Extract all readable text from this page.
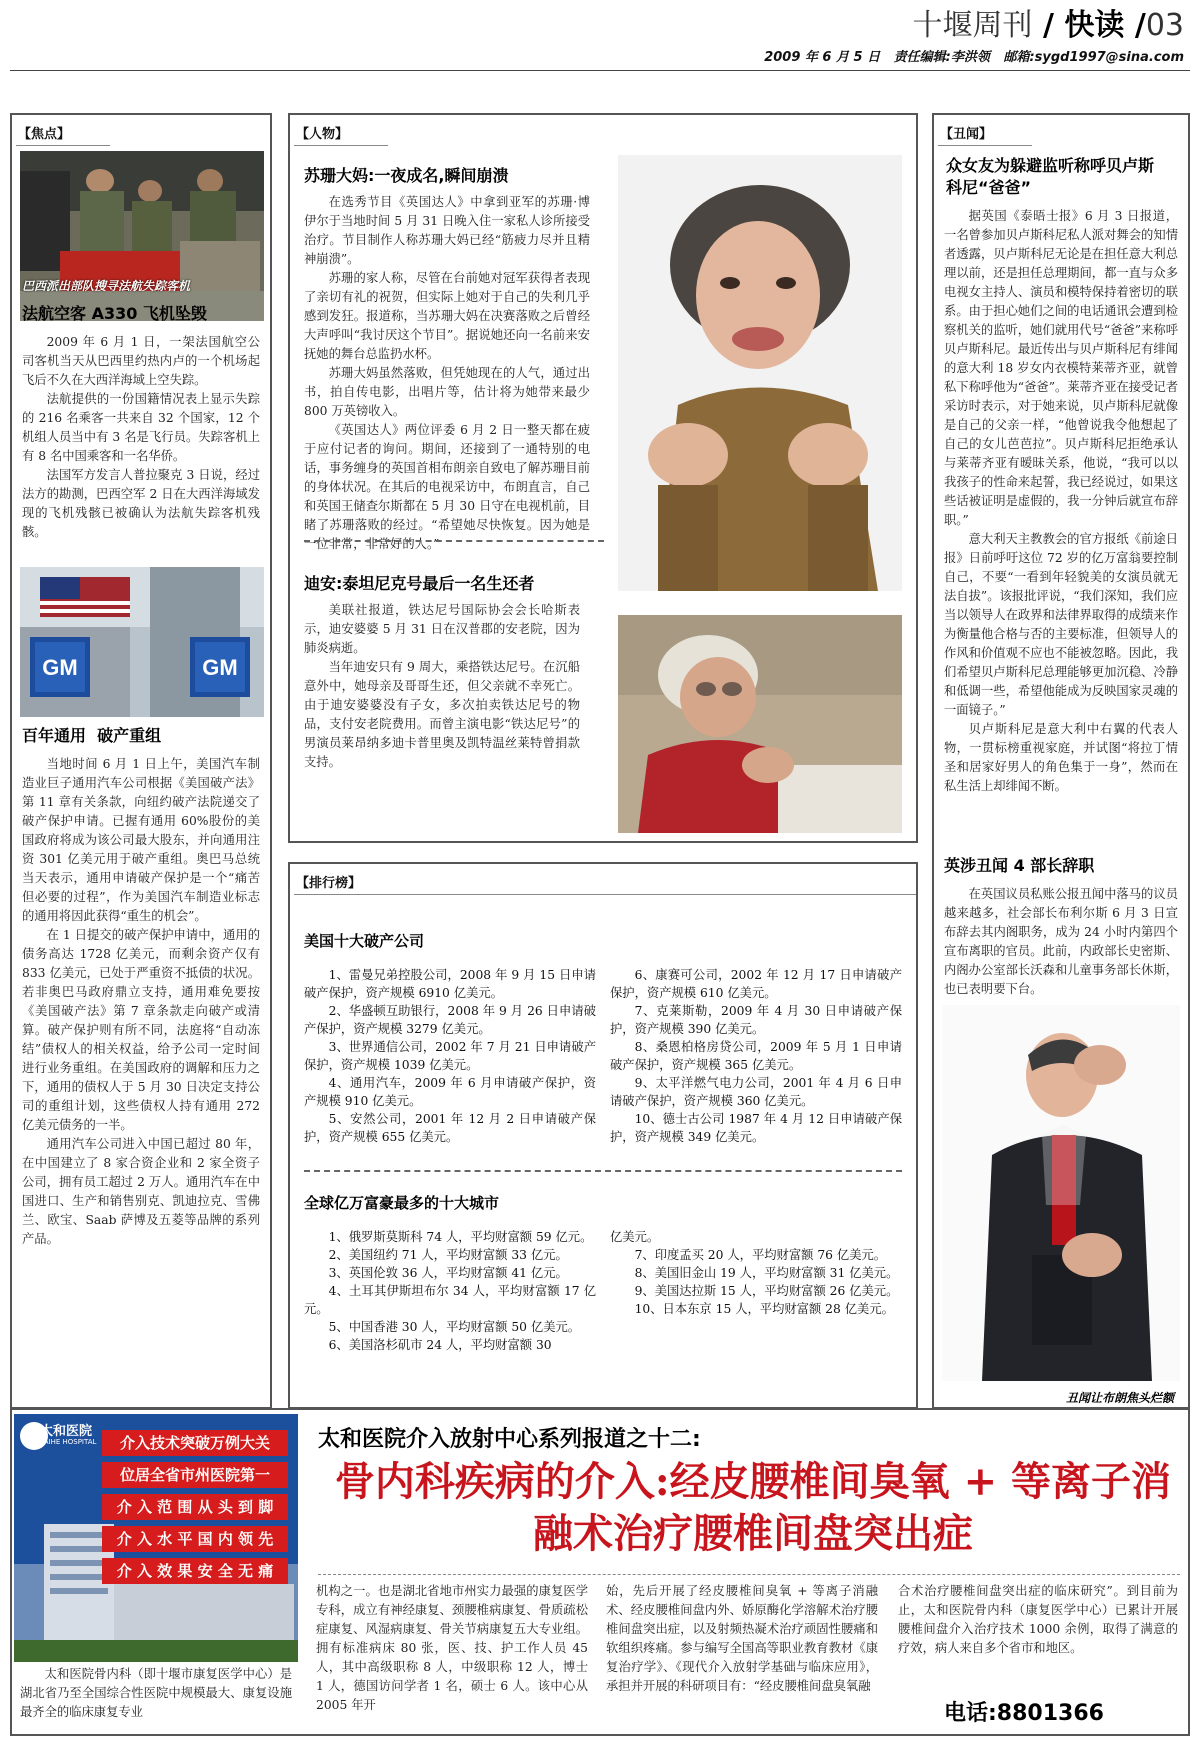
十堰周刊 / 快读 /03
2009 年 6 月 5 日 责任编辑:李洪领 邮箱:sygd1997@sina.com
【焦点】
巴西派出部队搜寻法航失踪客机
法航空客 A330 飞机坠毁

2009 年 6 月 1 日，一架法国航空公司客机当天从巴西里约热内卢的一个机场起飞后不久在大西洋海域上空失踪。

法航提供的一份国籍情况表上显示失踪的 216 名乘客一共来自 32 个国家，12 个机组人员当中有 3 名是飞行员。失踪客机上有 8 名中国乘客和一名华侨。

法国军方发言人普拉聚克 3 日说，经过法方的勘测，巴西空军 2 日在大西洋海域发现的飞机残骸已被确认为法航失踪客机残骸。

GM	GM
百年通用  破产重组

当地时间 6 月 1 日上午，美国汽车制造业巨子通用汽车公司根据《美国破产法》第 11 章有关条款，向纽约破产法院递交了破产保护申请。已握有通用 60%股份的美国政府将成为该公司最大股东，并向通用注资 301 亿美元用于破产重组。奥巴马总统当天表示，通用申请破产保护是一个“痛苦但必要的过程”，作为美国汽车制造业标志的通用将因此获得“重生的机会”。

在 1 日提交的破产保护申请中，通用的债务高达 1728 亿美元，而剩余资产仅有 833 亿美元，已处于严重资不抵债的状况。若非奥巴马政府鼎立支持，通用难免要按《美国破产法》第 7 章条款走向破产或清算。破产保护则有所不同，法庭将“自动冻结”债权人的相关权益，给予公司一定时间进行业务重组。在美国政府的调解和压力之下，通用的债权人于 5 月 30 日决定支持公司的重组计划，这些债权人持有通用 272 亿美元债务的一半。

通用汽车公司进入中国已超过 80 年，在中国建立了 8 家合资企业和 2 家全资子公司，拥有员工超过 2 万人。通用汽车在中国进口、生产和销售别克、凯迪拉克、雪佛兰、欧宝、Saab 萨博及五菱等品牌的系列产品。

【人物】
苏珊大妈:一夜成名,瞬间崩溃

在选秀节目《英国达人》中拿到亚军的苏珊·博伊尔于当地时间 5 月 31 日晚入住一家私人诊所接受治疗。节目制作人称苏珊大妈已经“筋疲力尽并且精神崩溃”。

苏珊的家人称，尽管在台前她对冠军获得者表现了亲切有礼的祝贺，但实际上她对于自己的失利几乎感到发狂。报道称，当苏珊大妈在决赛落败之后曾经大声呼叫“我讨厌这个节目”。据说她还向一名前来安抚她的舞台总监扔水杯。

苏珊大妈虽然落败，但凭她现在的人气，通过出书，拍自传电影，出唱片等，估计将为她带来最少 800 万英镑收入。

《英国达人》两位评委 6 月 2 日一整天都在疲于应付记者的询问。期间，还接到了一通特别的电话，事务缠身的英国首相布朗亲自致电了解苏珊目前的身体状况。在其后的电视采访中，布朗直言，自己和英国王储查尔斯都在 5 月 30 日守在电视机前，目睹了苏珊落败的经过。“希望她尽快恢复。因为她是一位非常，非常好的人。”

迪安:泰坦尼克号最后一名生还者

美联社报道，铁达尼号国际协会会长哈斯表示，迪安婆婆 5 月 31 日在汉普郡的安老院，因为肺炎病逝。

当年迪安只有 9 周大，乘搭铁达尼号。在沉船意外中，她母亲及哥哥生还，但父亲就不幸死亡。由于迪安婆婆没有子女，多次拍卖铁达尼号的物品，支付安老院费用。而曾主演电影“铁达尼号”的男演员莱昂纳多迪卡普里奥及凯特温丝莱特曾捐款支持。

【排行榜】
美国十大破产公司

1、雷曼兄弟控股公司，2008 年 9 月 15 日申请破产保护，资产规模 6910 亿美元。

2、华盛顿互助银行，2008 年 9 月 26 日申请破产保护，资产规模 3279 亿美元。

3、世界通信公司，2002 年 7 月 21 日申请破产保护，资产规模 1039 亿美元。

4、通用汽车，2009 年 6 月申请破产保护，资产规模 910 亿美元。

5、安然公司，2001 年 12 月 2 日申请破产保护，资产规模 655 亿美元。

6、康赛可公司，2002 年 12 月 17 日申请破产保护，资产规模 610 亿美元。

7、克莱斯勒，2009 年 4 月 30 日申请破产保护，资产规模 390 亿美元。

8、桑恩柏格房贷公司，2009 年 5 月 1 日申请破产保护，资产规模 365 亿美元。

9、太平洋燃气电力公司，2001 年 4 月 6 日申请破产保护，资产规模 360 亿美元。

10、德士古公司 1987 年 4 月 12 日申请破产保护，资产规模 349 亿美元。

全球亿万富豪最多的十大城市

1、俄罗斯莫斯科 74 人，平均财富额 59 亿元。

2、美国纽约 71 人，平均财富额 33 亿元。

3、英国伦敦 36 人，平均财富额 41 亿元。

4、土耳其伊斯坦布尔 34 人，平均财富额 17 亿元。

5、中国香港 30 人，平均财富额 50 亿美元。

6、美国洛杉矶市 24 人，平均财富额 30

亿美元。

7、印度孟买 20 人，平均财富额 76 亿美元。

8、美国旧金山 19 人，平均财富额 31 亿美元。

9、美国达拉斯 15 人，平均财富额 26 亿美元。

10、日本东京 15 人，平均财富额 28 亿美元。

【丑闻】
众女友为躲避监听称呼贝卢斯科尼“爸爸”

据英国《泰晤士报》6 月 3 日报道，一名曾参加贝卢斯科尼私人派对舞会的知情者透露，贝卢斯科尼无论是在担任意大利总理以前，还是担任总理期间，都一直与众多电视女主持人、演员和模特保持着密切的联系。由于担心她们之间的电话通讯会遭到检察机关的监听，她们就用代号“爸爸”来称呼贝卢斯科尼。最近传出与贝卢斯科尼有绯闻的意大利 18 岁女内衣模特莱蒂齐亚，就曾私下称呼他为“爸爸”。莱蒂齐亚在接受记者采访时表示，对于她来说，贝卢斯科尼就像是自己的父亲一样，“他曾说我令他想起了自己的女儿芭芭拉”。贝卢斯科尼拒绝承认与莱蒂齐亚有暧昧关系，他说，“我可以以我孩子的性命来起誓，我已经说过，如果这些话被证明是虚假的，我一分钟后就宣布辞职。”

意大利天主教教会的官方报纸《前途日报》日前呼吁这位 72 岁的亿万富翁要控制自己，不要“一看到年轻貌美的女演员就无法自拔”。该报批评说，“我们深知，我们应当以领导人在政界和法律界取得的成绩来作为衡量他合格与否的主要标准，但领导人的作风和价值观不应也不能被忽略。因此，我们希望贝卢斯科尼总理能够更加沉稳、冷静和低调一些，希望他能成为反映国家灵魂的一面镜子。”

贝卢斯科尼是意大利中右翼的代表人物，一贯标榜重视家庭，并试图“将拉丁情圣和居家好男人的角色集于一身”，然而在私生活上却绯闻不断。

英涉丑闻 4 部长辞职

在英国议员私账公报丑闻中落马的议员越来越多，社会部长布利尔斯 6 月 3 日宣布辞去其内阁职务，成为 24 小时内第四个宣布离职的官员。此前，内政部长史密斯、内阁办公室部长沃森和儿童事务部长休斯，也已表明要下台。

丑闻让布朗焦头烂额
太和医院
TAIHE HOSPITAL	介入技术突破万例大关
位居全省市州医院第一
介 入 范 围 从 头 到 脚
介 入 水 平 国 内 领 先
介 入 效 果 安 全 无 痛
太和医院介入放射中心系列报道之十二:
骨内科疾病的介入:经皮腰椎间臭氧 + 等离子消
融术治疗腰椎间盘突出症

太和医院骨内科（即十堰市康复医学中心）是湖北省乃至全国综合性医院中规模最大、康复设施最齐全的临床康复专业

机构之一。也是湖北省地市州实力最强的康复医学专科，成立有神经康复、颈腰椎病康复、骨质疏松症康复、风湿病康复、骨关节病康复五大专业组。拥有标准病床 80 张，医、技、护工作人员 45 人，其中高级职称 8 人，中级职称 12 人，博士 1 人，德国访问学者 1 名，硕士 6 人。该中心从 2005 年开

始，先后开展了经皮腰椎间臭氧 + 等离子消融术、经皮腰椎间盘内外、娇原酶化学溶解术治疗腰椎间盘突出症，以及射频热凝术治疗顽固性腰痛和软组织疼痛。参与编写全国高等职业教育教材《康复治疗学》、《现代介入放射学基础与临床应用》，承担并开展的科研项目有：“经皮腰椎间盘臭氧融

合术治疗腰椎间盘突出症的临床研究”。到目前为止，太和医院骨内科（康复医学中心）已累计开展腰椎间盘介入治疗技术 1000 余例，取得了满意的疗效，病人来自多个省市和地区。

电话:8801366
